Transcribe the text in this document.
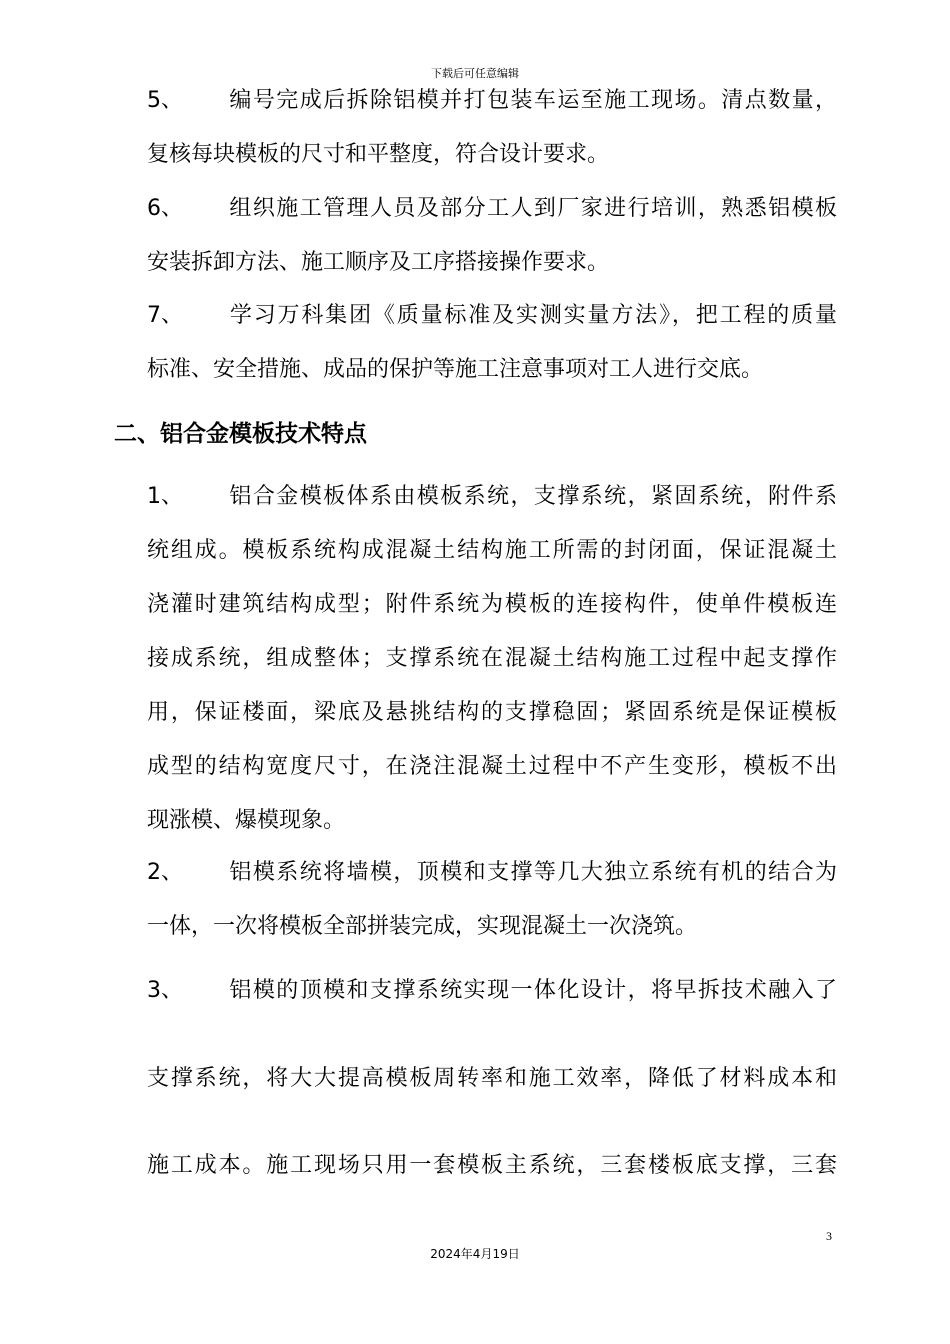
下载后可任意编辑
5、 编号完成后拆除铝模并打包装车运至施工现场。清点数量，
复核每块模板的尺寸和平整度，符合设计要求。
6、 组织施工管理人员及部分工人到厂家进行培训，熟悉铝模板
安装拆卸方法、施工顺序及工序搭接操作要求。
7、 学习万科集团《质量标准及实测实量方法》，把工程的质量
标准、安全措施、成品的保护等施工注意事项对工人进行交底。
二、铝合金模板技术特点
1、 铝合金模板体系由模板系统，支撑系统，紧固系统，附件系
统组成。模板系统构成混凝土结构施工所需的封闭面，保证混凝土
浇灌时建筑结构成型；附件系统为模板的连接构件，使单件模板连
接成系统，组成整体；支撑系统在混凝土结构施工过程中起支撑作
用，保证楼面，梁底及悬挑结构的支撑稳固；紧固系统是保证模板
成型的结构宽度尺寸，在浇注混凝土过程中不产生变形，模板不出
现涨模、爆模现象。
2、 铝模系统将墙模，顶模和支撑等几大独立系统有机的结合为
一体，一次将模板全部拼装完成，实现混凝土一次浇筑。
3、 铝模的顶模和支撑系统实现一体化设计，将早拆技术融入了
支撑系统，将大大提高模板周转率和施工效率，降低了材料成本和
施工成本。施工现场只用一套模板主系统，三套楼板底支撑，三套
3
2024年4月19日
